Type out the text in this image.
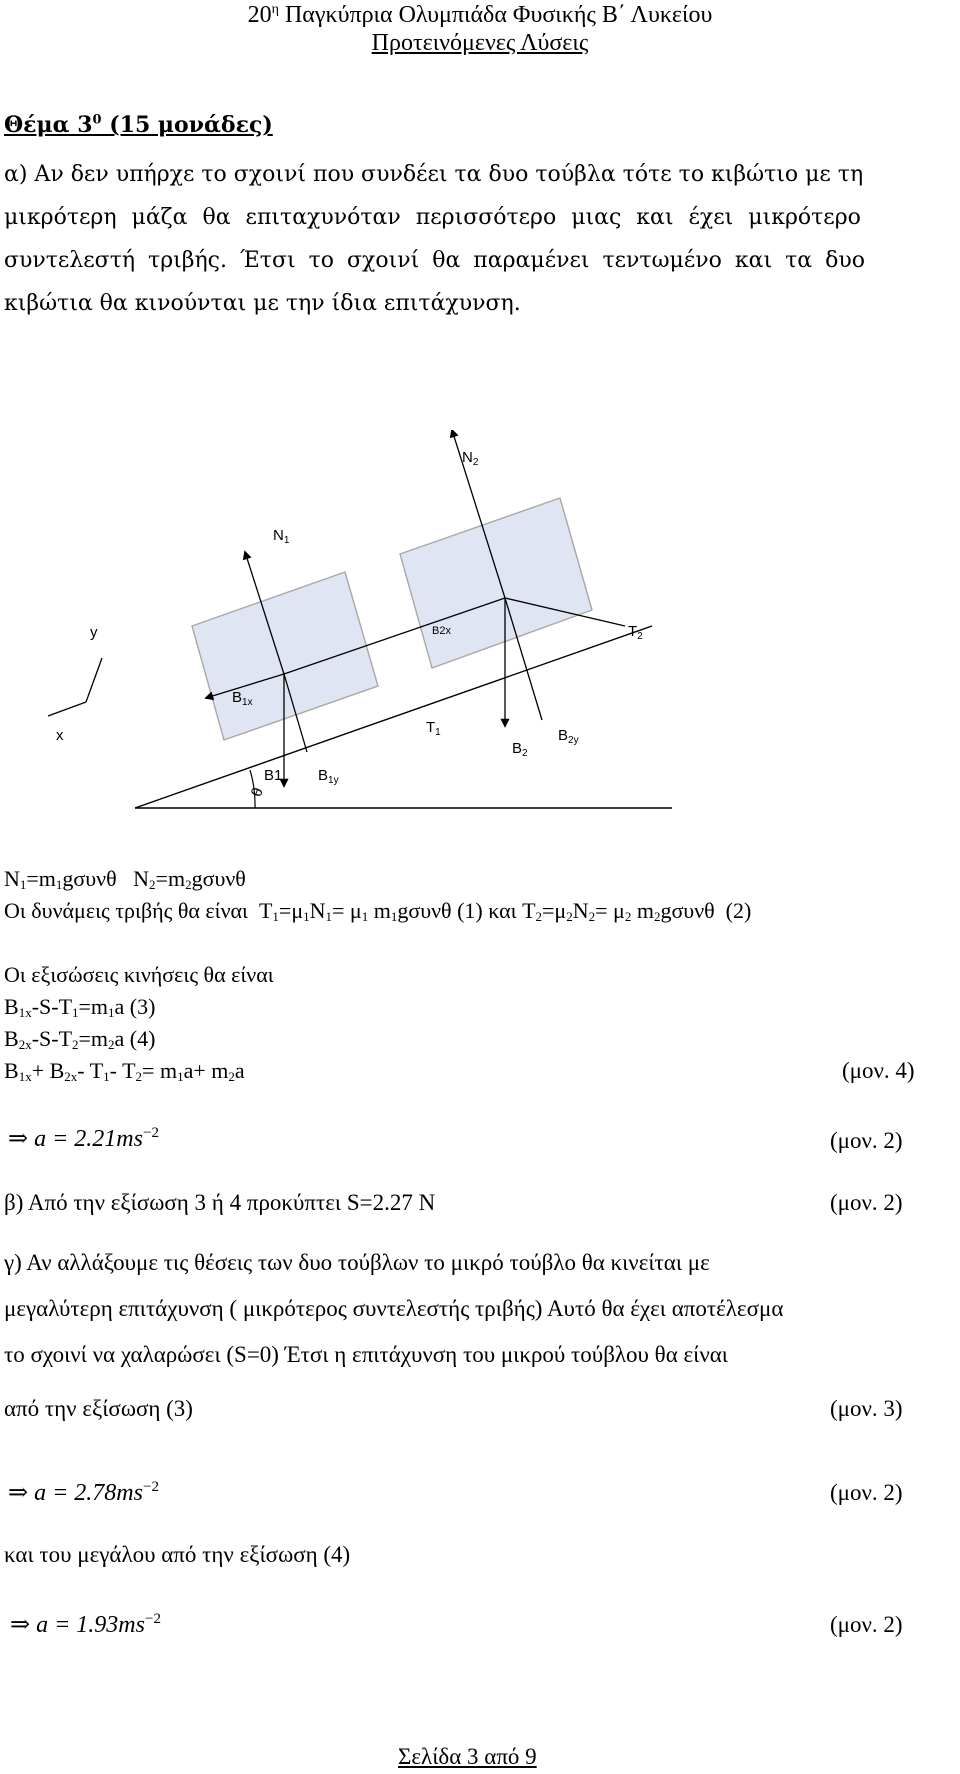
$20^\eta$ Παγκύπρια Ολυμπιάδα Φυσικής Β΄ Λυκείου
Προτεινόμενες Λύσεις
Θέμα $3^0$ (15 μονάδες)
α) Αν δεν υπήρχε το σχοινί που συνδέει τα δυο τούβλα τότε το κιβώτιο με τη
μικρότερη μάζα θα επιταχυνόταν περισσότερο μιας και έχει μικρότερο
συντελεστή τριβής. Έτσι το σχοινί θα παραμένει τεντωμένο και τα δυο
κιβώτια θα κινούνται με την ίδια επιτάχυνση.
$N_2$
$N_1$
y	B2x	$T_2$
$B_{1x}$
x	$T_1$
$B_2$
$B_{2y}$
B1 $B_{1y}$
θ
$N_1=m_1g\sigma\upsilon\nu\theta$   $N_2=m_2g\sigma\upsilon\nu\theta$
Οι δυνάμεις τριβής θα είναι  $T_1=\mu_1N_1= \mu_1$ $m_1g\sigma\upsilon\nu\theta$ (1) και $T_2=\mu_2N_2= \mu_2$ $m_2g\sigma\upsilon\nu\theta$  (2)
Οι εξισώσεις κινήσεις θα είναι
$B_{1x}-S-T_1=m_1a$ (3)
$B_{2x}-S-T_2=m_2a$ (4)
$B_{1x}+ B_{2x}-$ $T_1-$ $T_2= m_1a+ m_2a$	(μον. 4)
⇒ $a = 2.21ms^{-2}$	(μον. 2)
β) Από την εξίσωση 3 ή 4 προκύπτει S=2.27 N	(μον. 2)
γ) Αν αλλάξουμε τις θέσεις των δυο τούβλων το μικρό τούβλο θα κινείται με
μεγαλύτερη επιτάχυνση ( μικρότερος συντελεστής τριβής) Αυτό θα έχει αποτέλεσμα
το σχοινί να χαλαρώσει (S=0) Έτσι η επιτάχυνση του μικρού τούβλου θα είναι
από την εξίσωση (3)	(μον. 3)
⇒ $a = 2.78ms^{-2}$	(μον. 2)
και του μεγάλου από την εξίσωση (4)
⇒ $a = 1.93ms^{-2}$	(μον. 2)
Σελίδα 3 από 9
